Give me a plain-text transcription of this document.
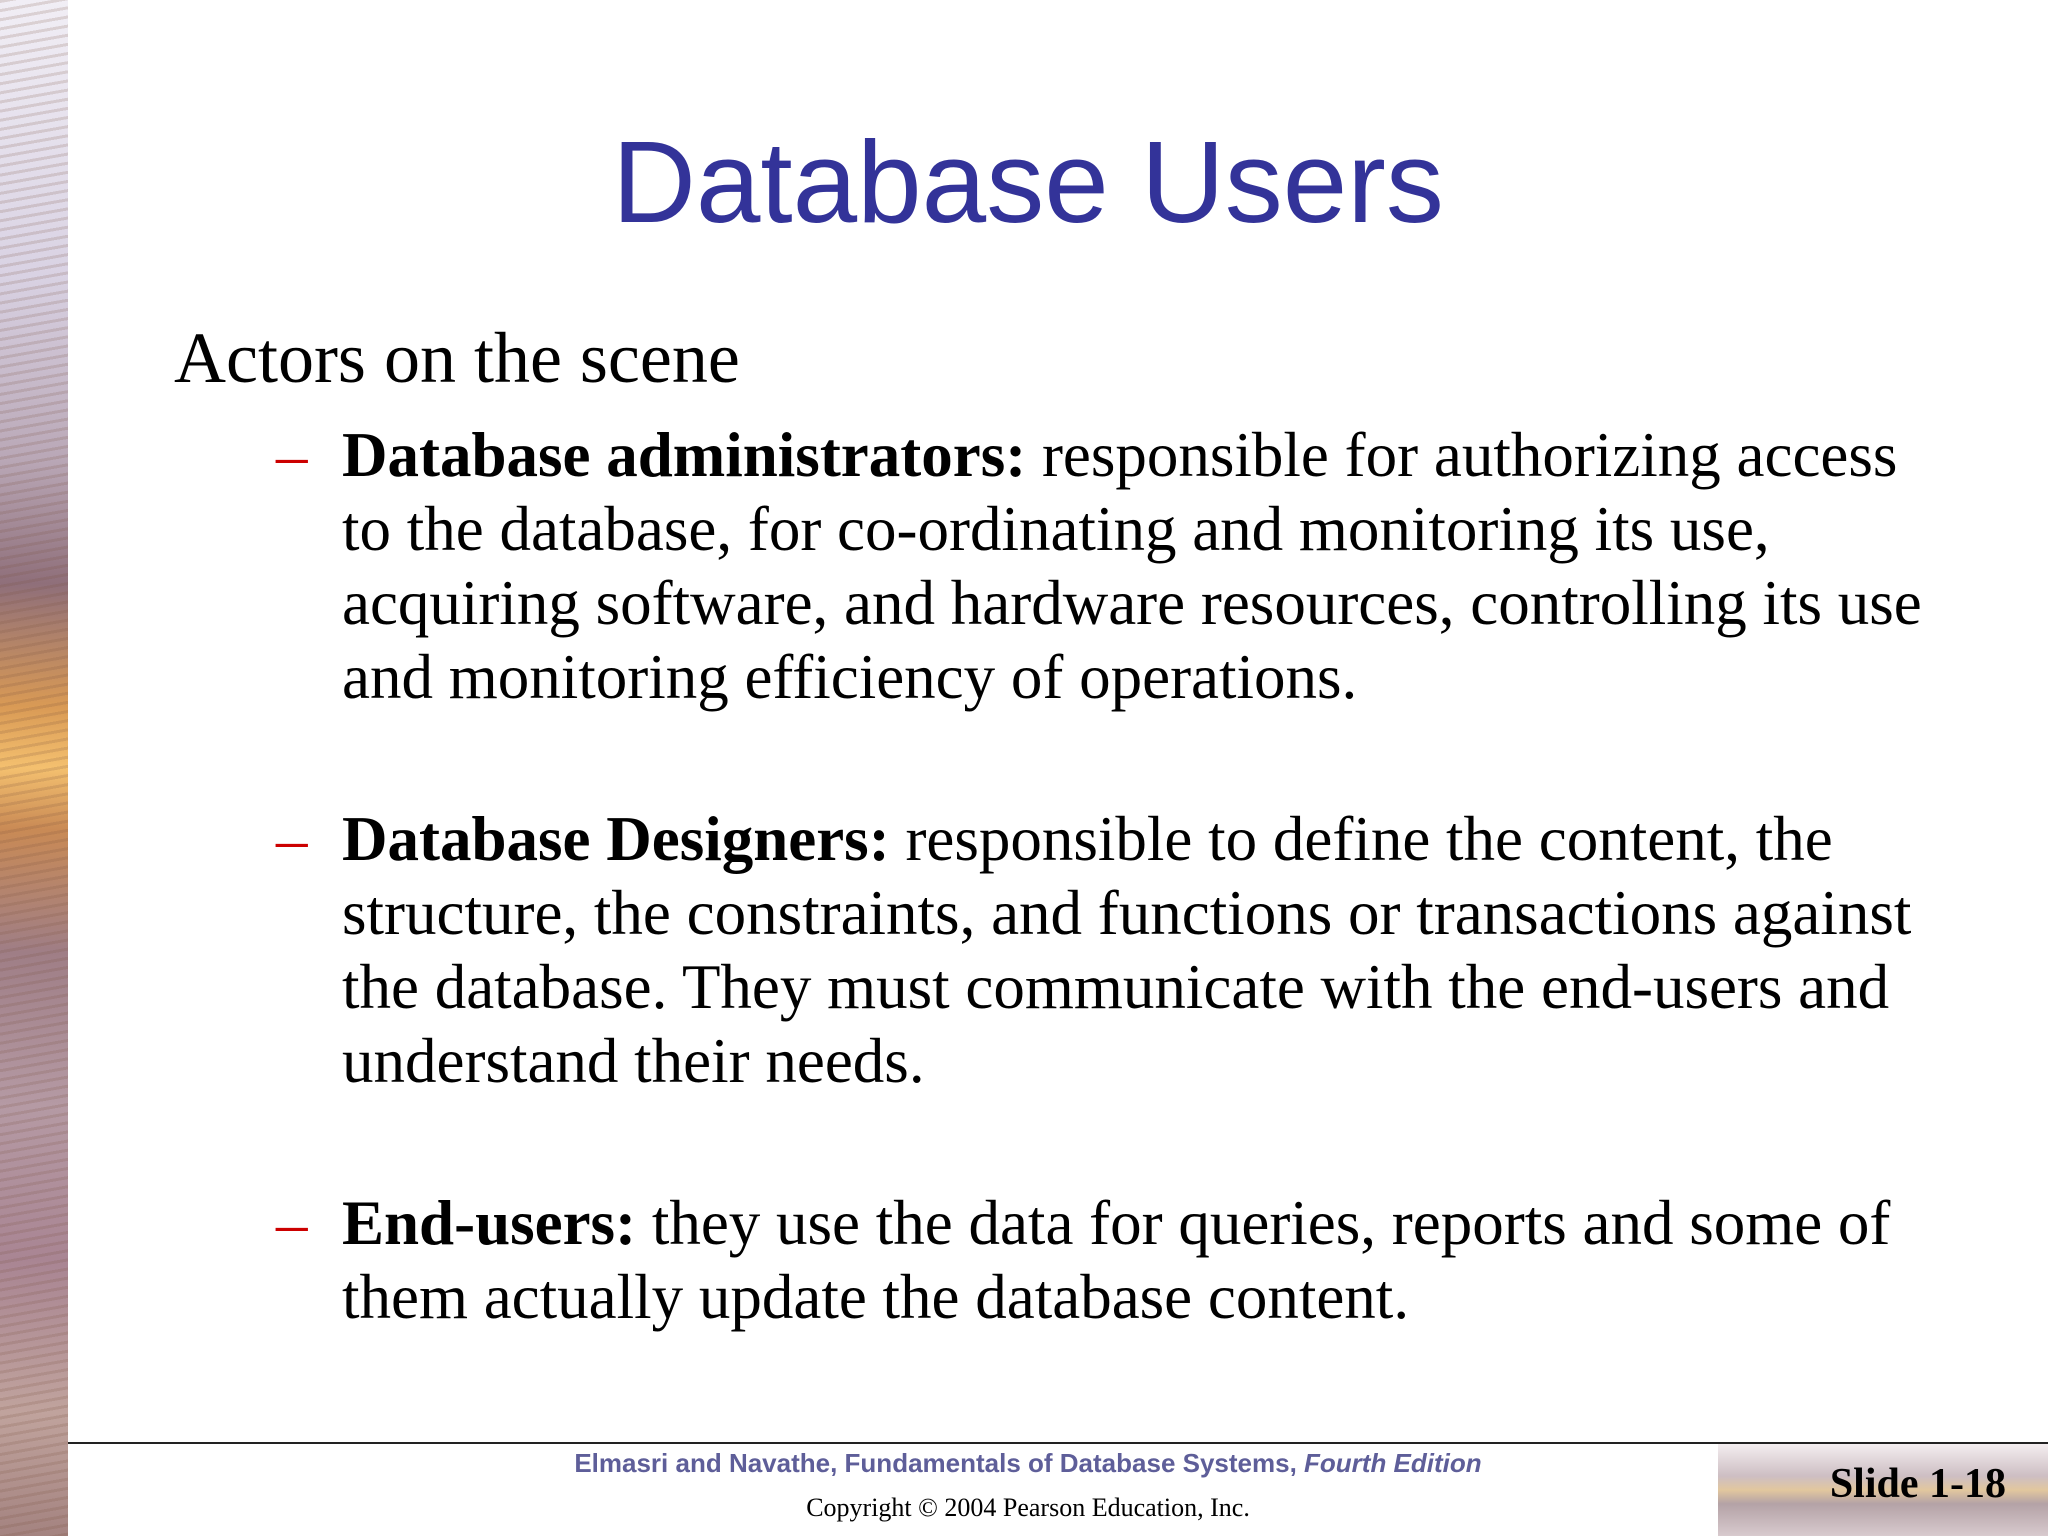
Database Users
Actors on the scene
– Database administrators: responsible for authorizing access to the database, for co-ordinating and monitoring its use, acquiring software, and hardware resources, controlling its use and monitoring efficiency of operations.
– Database Designers: responsible to define the content, the structure, the constraints, and functions or transactions against the database. They must communicate with the end-users and understand their needs.
– End-users: they use the data for queries, reports and some of them actually update the database content.
Elmasri and Navathe, Fundamentals of Database Systems, Fourth Edition
Copyright © 2004 Pearson Education, Inc.
Slide 1-18
